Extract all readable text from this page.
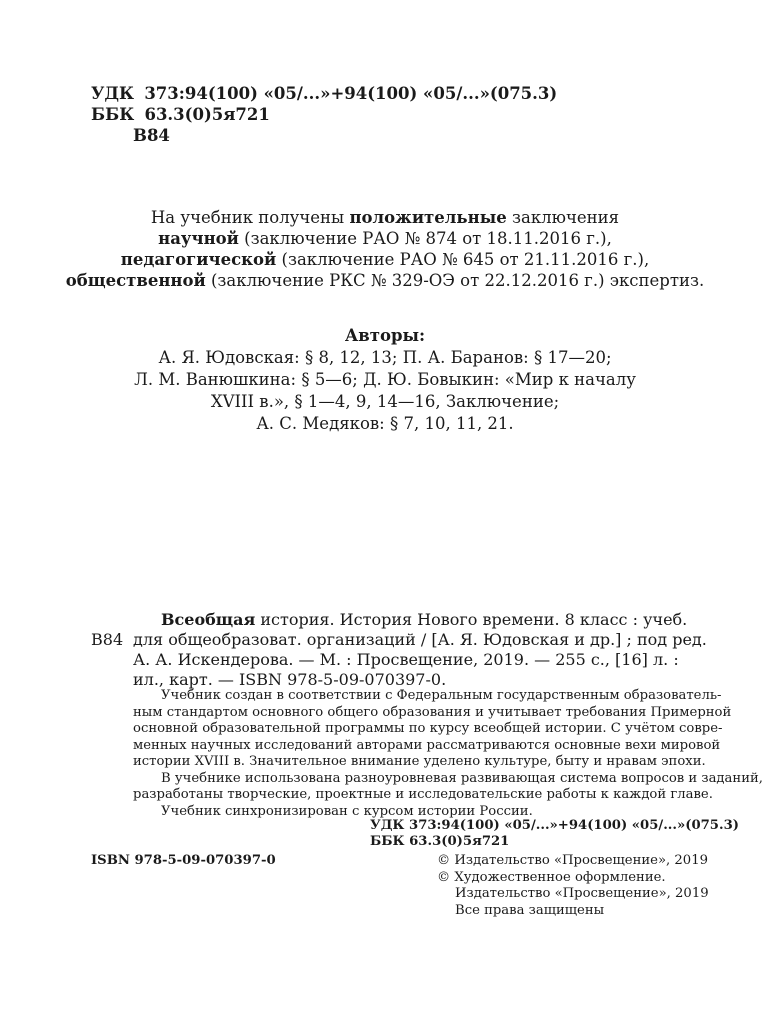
УДК 373:94(100) «05/...»+94(100) «05/...»(075.3)
ББК 63.3(0)5я721
В84
На учебник получены положительные заключения
научной (заключение РАО № 874 от 18.11.2016 г.),
педагогической (заключение РАО № 645 от 21.11.2016 г.),
общественной (заключение РКС № 329-ОЭ от 22.12.2016 г.) экспертиз.
Авторы:
А. Я. Юдовская: § 8, 12, 13; П. А. Баранов: § 17—20;
Л. М. Ванюшкина: § 5—6; Д. Ю. Бовыкин: «Мир к началу
XVIII в.», § 1—4, 9, 14—16, Заключение;
А. С. Медяков: § 7, 10, 11, 21.
В84
Всеобщая история. История Нового времени. 8 класс : учеб.
для общеобразоват. организаций / [А. Я. Юдовская и др.] ; под ред.
А. А. Искендерова. — М. : Просвещение, 2019. — 255 с., [16] л. :
ил., карт. — ISBN 978-5-09-070397-0.
Учебник создан в соответствии с Федеральным государственным образователь-
ным стандартом основного общего образования и учитывает требования Примерной
основной образовательной программы по курсу всеобщей истории. С учётом совре-
менных научных исследований авторами рассматриваются основные вехи мировой
истории XVIII в. Значительное внимание уделено культуре, быту и нравам эпохи.
В учебнике использована разноуровневая развивающая система вопросов и заданий,
разработаны творческие, проектные и исследовательские работы к каждой главе.
Учебник синхронизирован с курсом истории России.
УДК 373:94(100) «05/...»+94(100) «05/...»(075.3)
ББК 63.3(0)5я721
ISBN 978-5-09-070397-0	© Издательство «Просвещение», 2019
© Художественное оформление.
Издательство «Просвещение», 2019
Все права защищены
